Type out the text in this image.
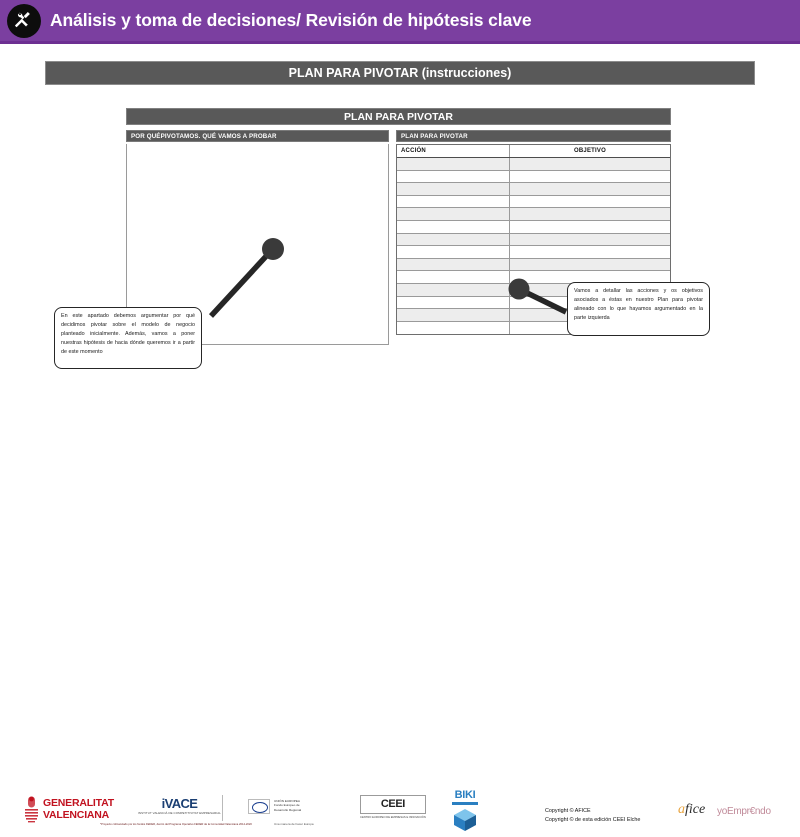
Análisis y toma de decisiones/ Revisión de hipótesis clave
PLAN PARA PIVOTAR (instrucciones)
PLAN PARA PIVOTAR
POR QUÉPIVOTAMOS. QUÉ VAMOS A PROBAR	PLAN PARA PIVOTAR
ACCIÓN	OBJETIVO

En este apartado debemos argumentar por qué decidimos pivotar sobre el modelo de negocio planteado inicialmente. Además, vamos a poner nuestras hipótesis de hacia dónde queremos ir a partir de este momento

Vamos a detallar las acciones y os objetivos asociados a éstas en nuestro Plan para pivotar alineado con lo que hayamos argumentado en la parte izquierda

GENERALITAT
VALENCIANA
iVACE
INSTITUT VALENCIÀ DE COMPETITIVITAT EMPRESARIAL
UNIÓN EUROPEA
Fondo Europeo de
Desarrollo Regional
Una manera de hacer Europa
CEEI
CENTRO EUROPEO DE EMPRESAS E INNOVACIÓN
BIKI
*Proyecto cofinanciado por los fondos FEDER, dentro del Programa Operativo FEDER de la Comunidad Valenciana 2014-2020
Copyright © AFICE
Copyright © de esta edición CEEI Elche
a fice yoEmpr€ndo
